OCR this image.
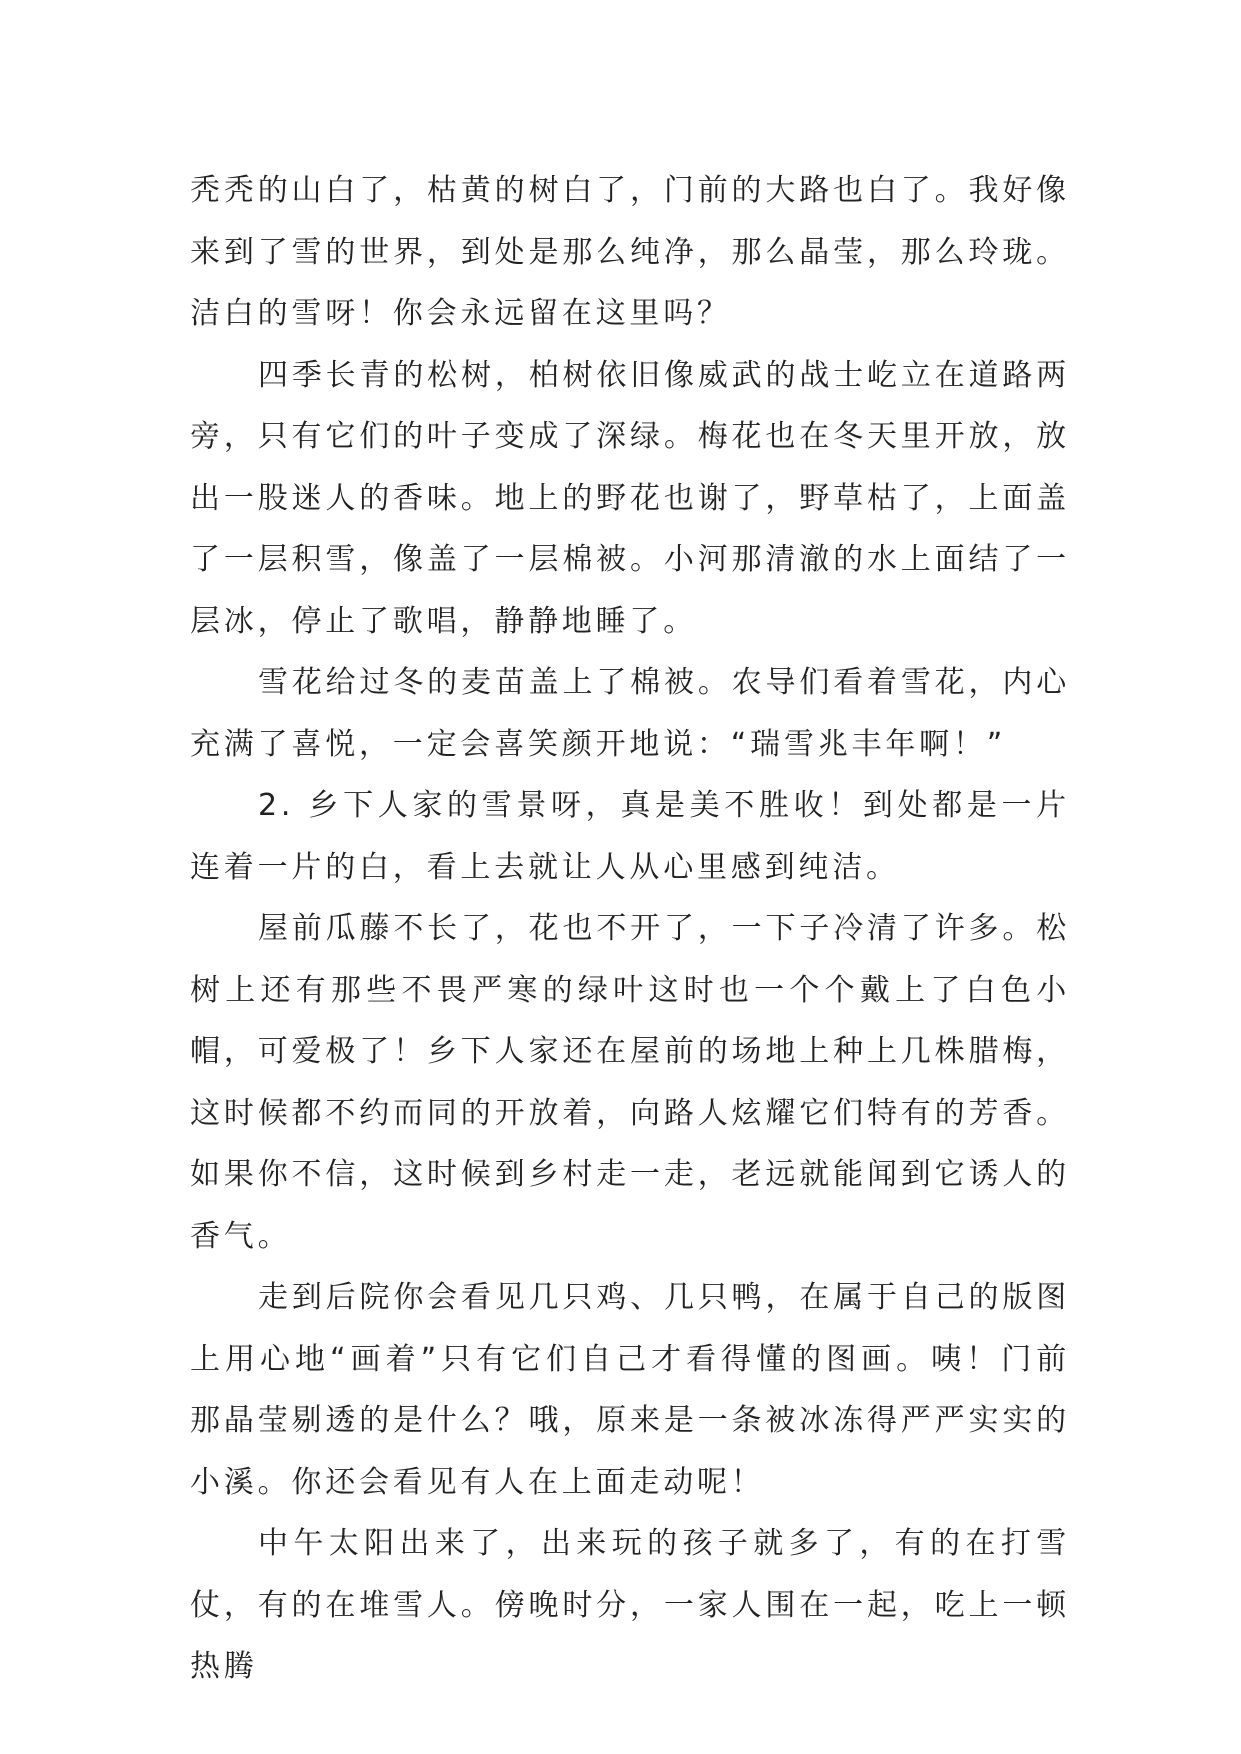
秃秃的山白了，枯黄的树白了，门前的大路也白了。我好像来到了雪的世界，到处是那么纯净，那么晶莹，那么玲珑。洁白的雪呀！你会永远留在这里吗？

四季长青的松树，柏树依旧像威武的战士屹立在道路两旁，只有它们的叶子变成了深绿。梅花也在冬天里开放，放出一股迷人的香味。地上的野花也谢了，野草枯了，上面盖了一层积雪，像盖了一层棉被。小河那清澈的水上面结了一层冰，停止了歌唱，静静地睡了。

雪花给过冬的麦苗盖上了棉被。农导们看着雪花，内心充满了喜悦，一定会喜笑颜开地说：“瑞雪兆丰年啊！”

2. 乡下人家的雪景呀，真是美不胜收！到处都是一片连着一片的白，看上去就让人从心里感到纯洁。

屋前瓜藤不长了，花也不开了，一下子冷清了许多。松树上还有那些不畏严寒的绿叶这时也一个个戴上了白色小帽，可爱极了！乡下人家还在屋前的场地上种上几株腊梅，这时候都不约而同的开放着，向路人炫耀它们特有的芳香。如果你不信，这时候到乡村走一走，老远就能闻到它诱人的香气。

走到后院你会看见几只鸡、几只鸭，在属于自己的版图上用心地“画着”只有它们自己才看得懂的图画。咦！门前那晶莹剔透的是什么？哦，原来是一条被冰冻得严严实实的小溪。你还会看见有人在上面走动呢！

中午太阳出来了，出来玩的孩子就多了，有的在打雪仗，有的在堆雪人。傍晚时分，一家人围在一起，吃上一顿热腾
